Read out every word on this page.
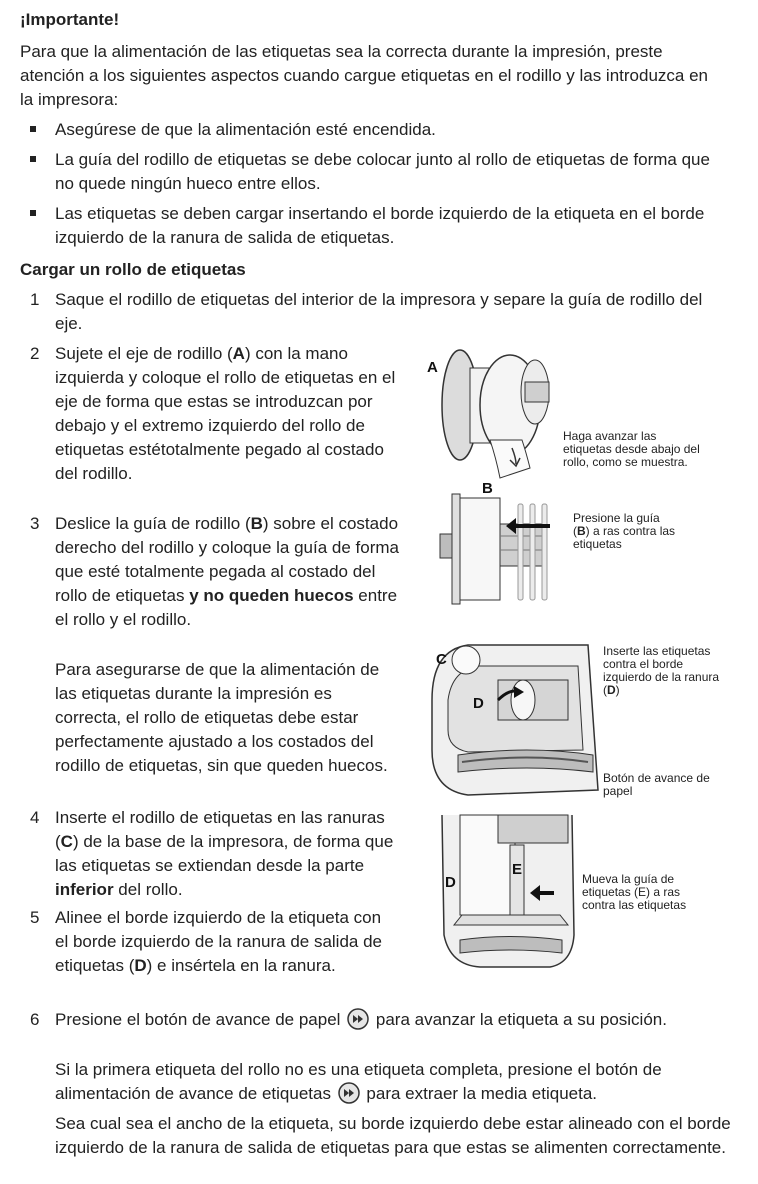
¡Importante!

Para que la alimentación de las etiquetas sea la correcta durante la impresión, preste atención a los siguientes aspectos cuando cargue etiquetas en el rodillo y las introduzca en la impresora:

Asegúrese de que la alimentación esté encendida.

La guía del rodillo de etiquetas se debe colocar junto al rollo de etiquetas de forma que no quede ningún hueco entre ellos.

Las etiquetas se deben cargar insertando el borde izquierdo de la etiqueta en el borde izquierdo de la ranura de salida de etiquetas.

Cargar un rollo de etiquetas
1 Saque el rodillo de etiquetas del interior de la impresora y separe la guía de rodillo del eje.

2 Sujete el eje de rodillo (A) con la mano izquierda y coloque el rollo de etiquetas en el eje de forma que estas se introduzcan por debajo y el extremo izquierdo del rollo de etiquetas estétotalmente pegado al costado del rodillo.

3 Deslice la guía de rodillo (B) sobre el costado derecho del rodillo y coloque la guía de forma que esté totalmente pegada al costado del rollo de etiquetas y no queden huecos entre el rollo y el rodillo.

Para asegurarse de que la alimentación de las etiquetas durante la impresión es correcta, el rollo de etiquetas debe estar perfectamente ajustado a los costados del rodillo de etiquetas, sin que queden huecos.

4 Inserte el rodillo de etiquetas en las ranuras (C) de la base de la impresora, de forma que las etiquetas se extiendan desde la parte inferior del rollo.

5 Alinee el borde izquierdo de la etiqueta con el borde izquierdo de la ranura de salida de etiquetas (D) e insértela en la ranura.

6 Presione el botón de avance de papel  para avanzar la etiqueta a su posición.

Si la primera etiqueta del rollo no es una etiqueta completa, presione el botón de alimentación de avance de etiquetas  para extraer la media etiqueta.

Sea cual sea el ancho de la etiqueta, su borde izquierdo debe estar alineado con el borde izquierdo de la ranura de salida de etiquetas para que estas se alimenten correctamente.

A
Haga avanzar las etiquetas desde abajo del rollo, como se muestra.
B
Presione la guía
(B) a ras contra las etiquetas
C
D
Inserte las etiquetas contra el borde izquierdo de la ranura (D)
Botón de avance de papel
D
E
Mueva la guía de etiquetas (E) a ras contra las etiquetas
